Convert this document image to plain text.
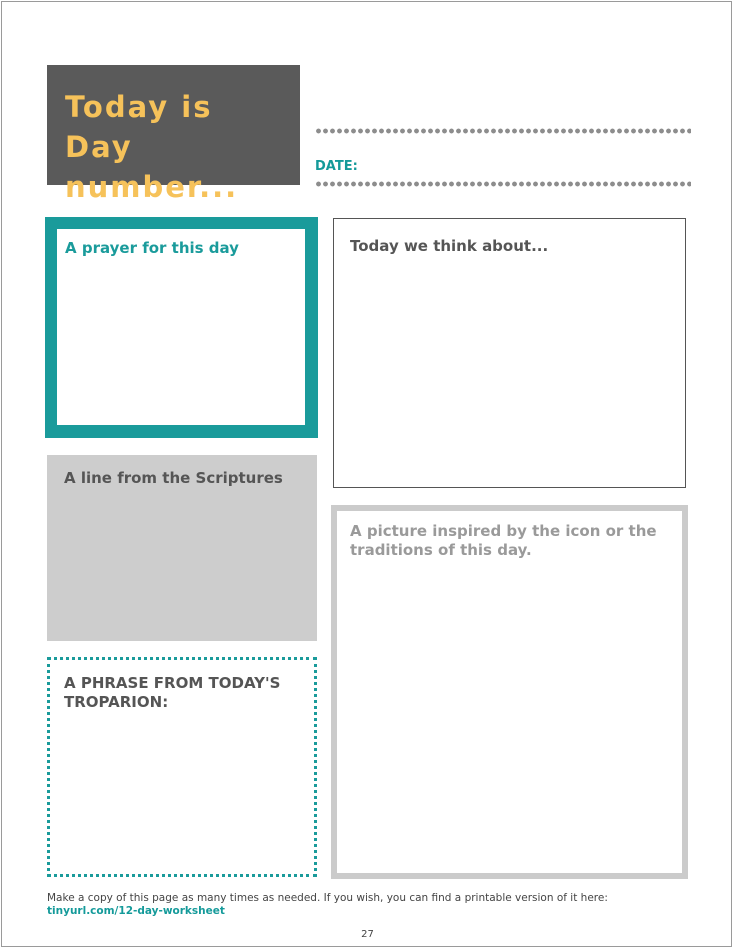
Today is Day number...
DATE:
A prayer for this day	Today we think about...
A line from the Scriptures
A PHRASE FROM TODAY'S TROPARION:
A picture inspired by the icon or the traditions of this day.
Make a copy of this page as many times as needed. If you wish, you can find a printable version of it here:
tinyurl.com/12-day-worksheet
27
